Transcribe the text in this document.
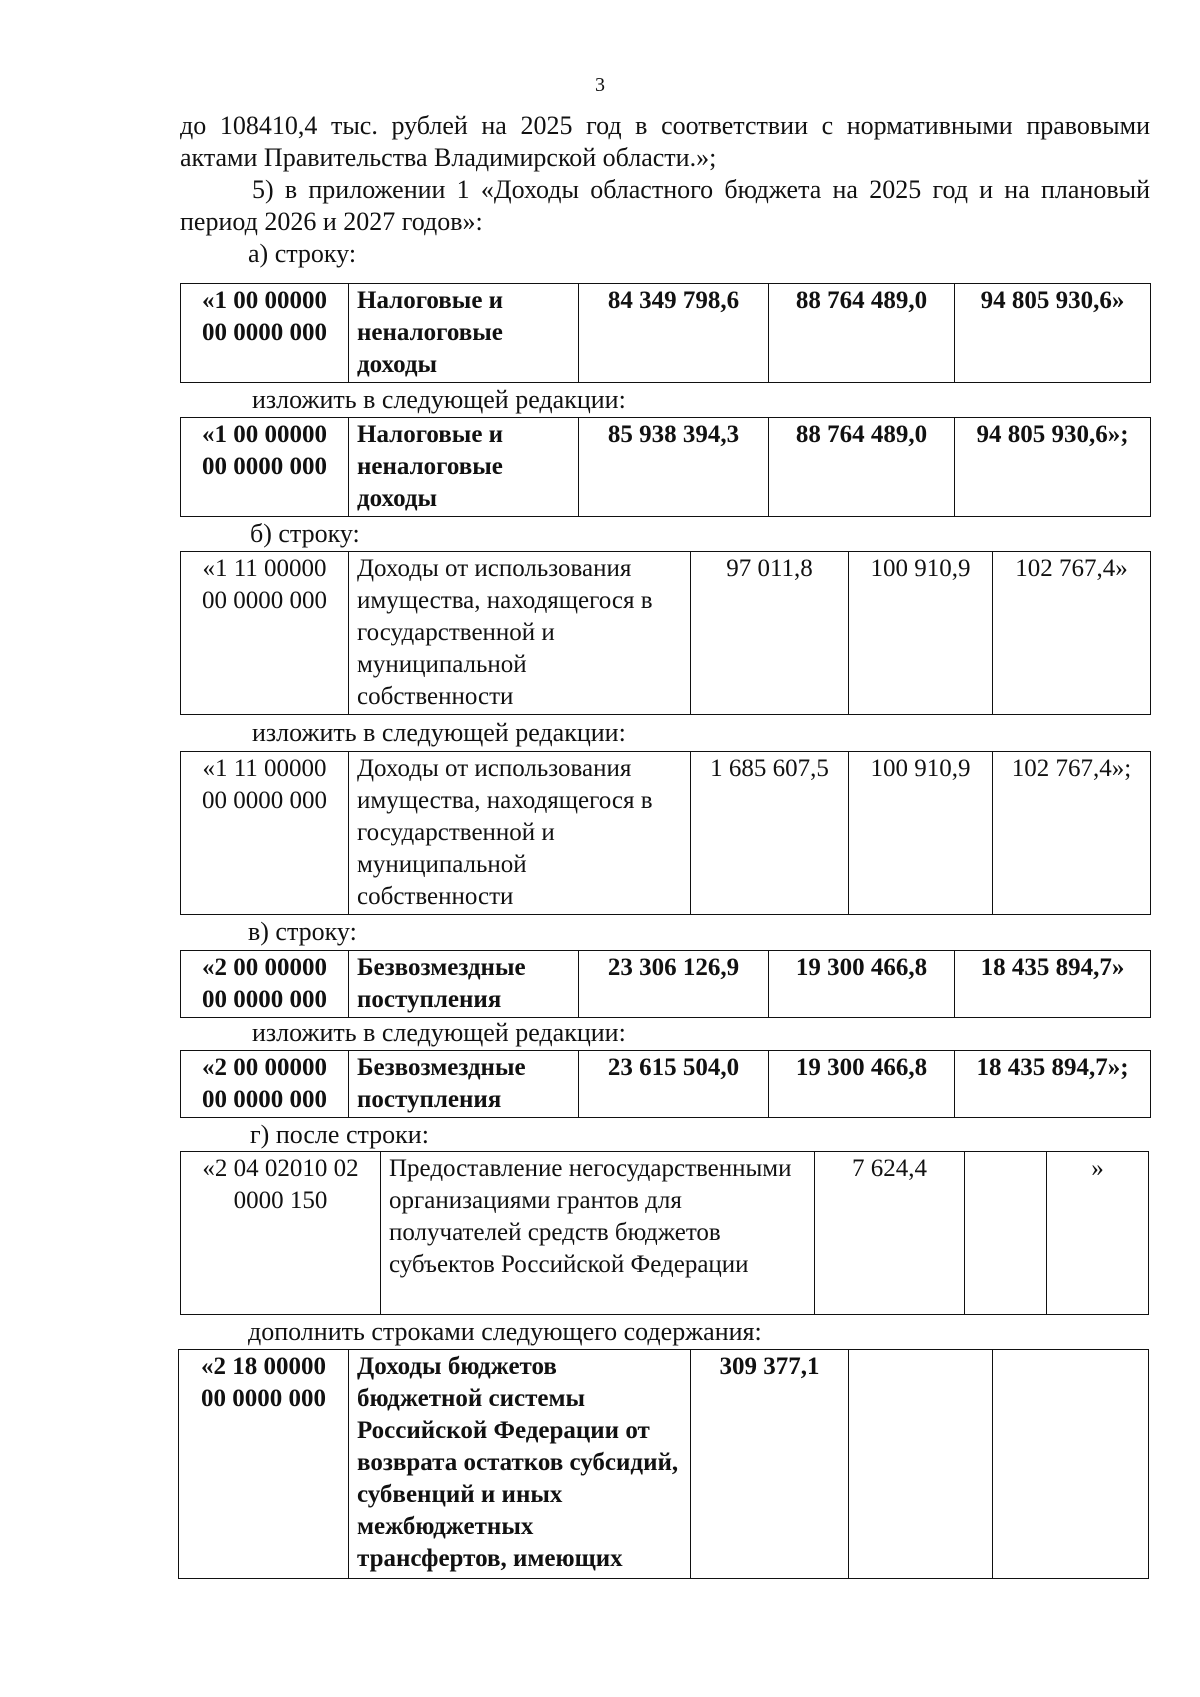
3
до 108410,4 тыс. рублей на 2025 год в соответствии с нормативными правовыми актами Правительства Владимирской области.»;
5) в приложении 1 «Доходы областного бюджета на 2025 год и на плановый период 2026 и 2027 годов»:
а) строку:
«1 00 00000 00 0000 000	Налоговые и неналоговые доходы	84 349 798,6	88 764 489,0	94 805 930,6»
изложить в следующей редакции:
«1 00 00000 00 0000 000	Налоговые и неналоговые доходы	85 938 394,3	88 764 489,0	94 805 930,6»;
б) строку:
«1 11 00000 00 0000 000	Доходы от использования имущества, находящегося в государственной и муниципальной собственности	97 011,8	100 910,9	102 767,4»
изложить в следующей редакции:
«1 11 00000 00 0000 000	Доходы от использования имущества, находящегося в государственной и муниципальной собственности	1 685 607,5	100 910,9	102 767,4»;
в) строку:
«2 00 00000 00 0000 000	Безвозмездные поступления	23 306 126,9	19 300 466,8	18 435 894,7»
изложить в следующей редакции:
«2 00 00000 00 0000 000	Безвозмездные поступления	23 615 504,0	19 300 466,8	18 435 894,7»;
г) после строки:
«2 04 02010 02 0000 150	Предоставление негосударственными организациями грантов для получателей средств бюджетов субъектов Российской Федерации	7 624,4		»
дополнить строками следующего содержания:
«2 18 00000 00 0000 000	Доходы бюджетов бюджетной системы Российской Федерации от возврата остатков субсидий, субвенций и иных межбюджетных трансфертов, имеющих	309 377,1		
